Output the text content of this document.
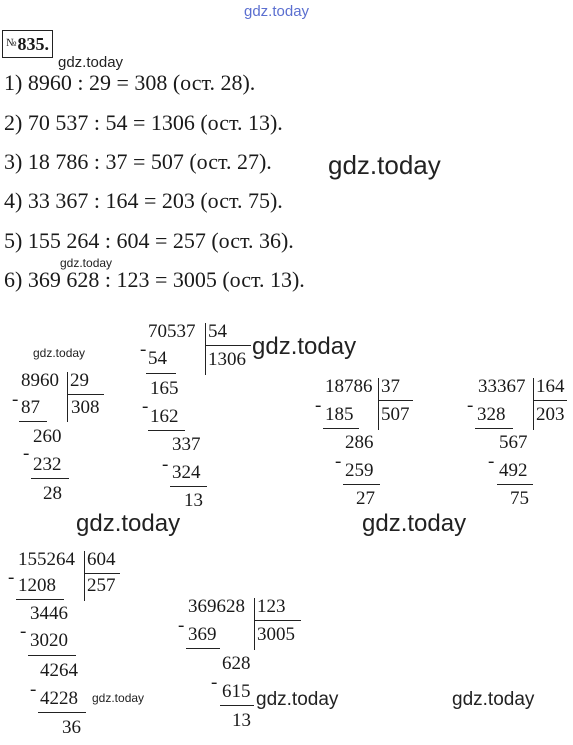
gdz.today
gdz.today
gdz.today
gdz.today
gdz.today
gdz.today
gdz.today	gdz.today
gdz.today	gdz.today	gdz.today
№835.
1) 8960 : 29 = 308 (ост. 28).
2) 70 537 : 54 = 1306 (ост. 13).
3) 18 786 : 37 = 507 (ост. 27).
4) 33 367 : 164 = 203 (ост. 75).
5) 155 264 : 604 = 257 (ост. 36).
6) 369 628 : 123 = 3005 (ост. 13).
8960 29
308
- 87
260
-
232
28
70537 54
1306
- 54
165
- 162
337
- 324
13
18786 37
507
- 185
286
- 259
27
33367 164
203
- 328
567
- 492
75
155264 604
257
- 1208
3446
- 3020
4264
- 4228
36
369628 123
3005
- 369
628
- 615
13
